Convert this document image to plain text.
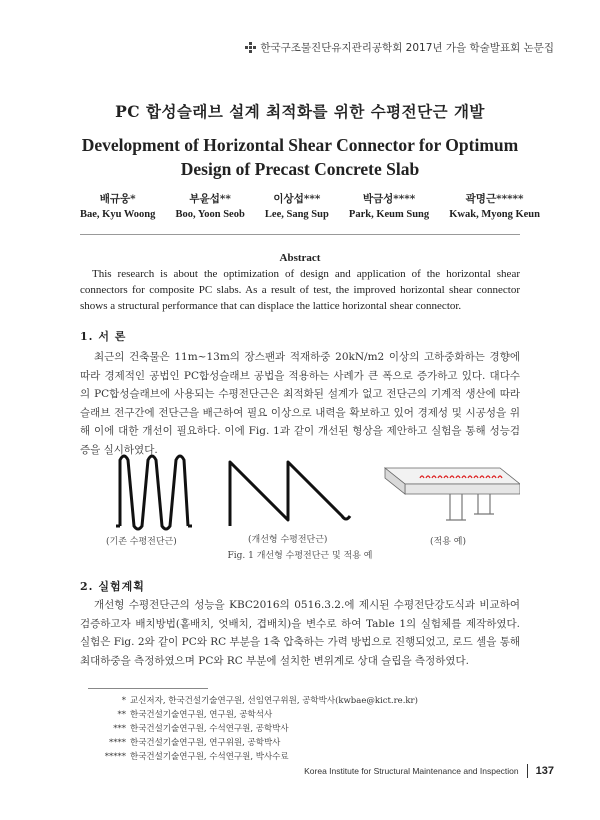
한국구조물진단유지관리공학회 2017년 가을 학술발표회 논문집
PC 합성슬래브 설계 최적화를 위한 수평전단근 개발
Development of Horizontal Shear Connector for Optimum
Design of Precast Concrete Slab
배규웅*
Bae, Kyu Woong
부윤섭**
Boo, Yoon Seob
이상섭***
Lee, Sang Sup
박금성****
Park, Keum Sung
곽명근*****
Kwak, Myong Keun
Abstract
This research is about the optimization of design and application of the horizontal shear connectors for composite PC slabs. As a result of test, the improved horizontal shear connector shows a structural performance that can displace the lattice horizontal shear connector.
1. 서 론
최근의 건축물은 11m~13m의 장스팬과 적재하중 20kN/m2 이상의 고하중화하는 경향에 따라 경제적인 공법인 PC합성슬래브 공법을 적용하는 사례가 큰 폭으로 증가하고 있다. 대다수의 PC합성슬래브에 사용되는 수평전단근은 최적화된 설계가 없고 전단근의 기계적 생산에 따라 슬래브 전구간에 전단근을 배근하여 필요 이상으로 내력을 확보하고 있어 경제성 및 시공성을 위해 이에 대한 개선이 필요하다. 이에 Fig. 1과 같이 개선된 형상을 제안하고 실험을 통해 성능검증을 실시하였다.
(기존 수평전단근)	(개선형 수평전단근)	(적용 예)
Fig. 1 개선형 수평전단근 및 적용 예
2. 실험계획
개선형 수평전단근의 성능을 KBC2016의 0516.3.2.에 제시된 수평전단강도식과 비교하여 검증하고자 배치방법(홑배치, 엇배치, 겹배치)을 변수로 하여 Table 1의 실험체를 제작하였다. 실험은 Fig. 2와 같이 PC와 RC 부분을 1축 압축하는 가력 방법으로 진행되었고, 로드 셀을 통해 최대하중을 측정하였으며 PC와 RC 부분에 설치한 변위계로 상대 슬립을 측정하였다.
* 교신저자, 한국건설기술연구원, 선임연구위원, 공학박사(kwbae@kict.re.kr)
** 한국건설기술연구원, 연구원, 공학석사
*** 한국건설기술연구원, 수석연구원, 공학박사
**** 한국건설기술연구원, 연구위원, 공학박사
***** 한국건설기술연구원, 수석연구원, 박사수료
Korea Institute for Structural Maintenance and Inspection	137
